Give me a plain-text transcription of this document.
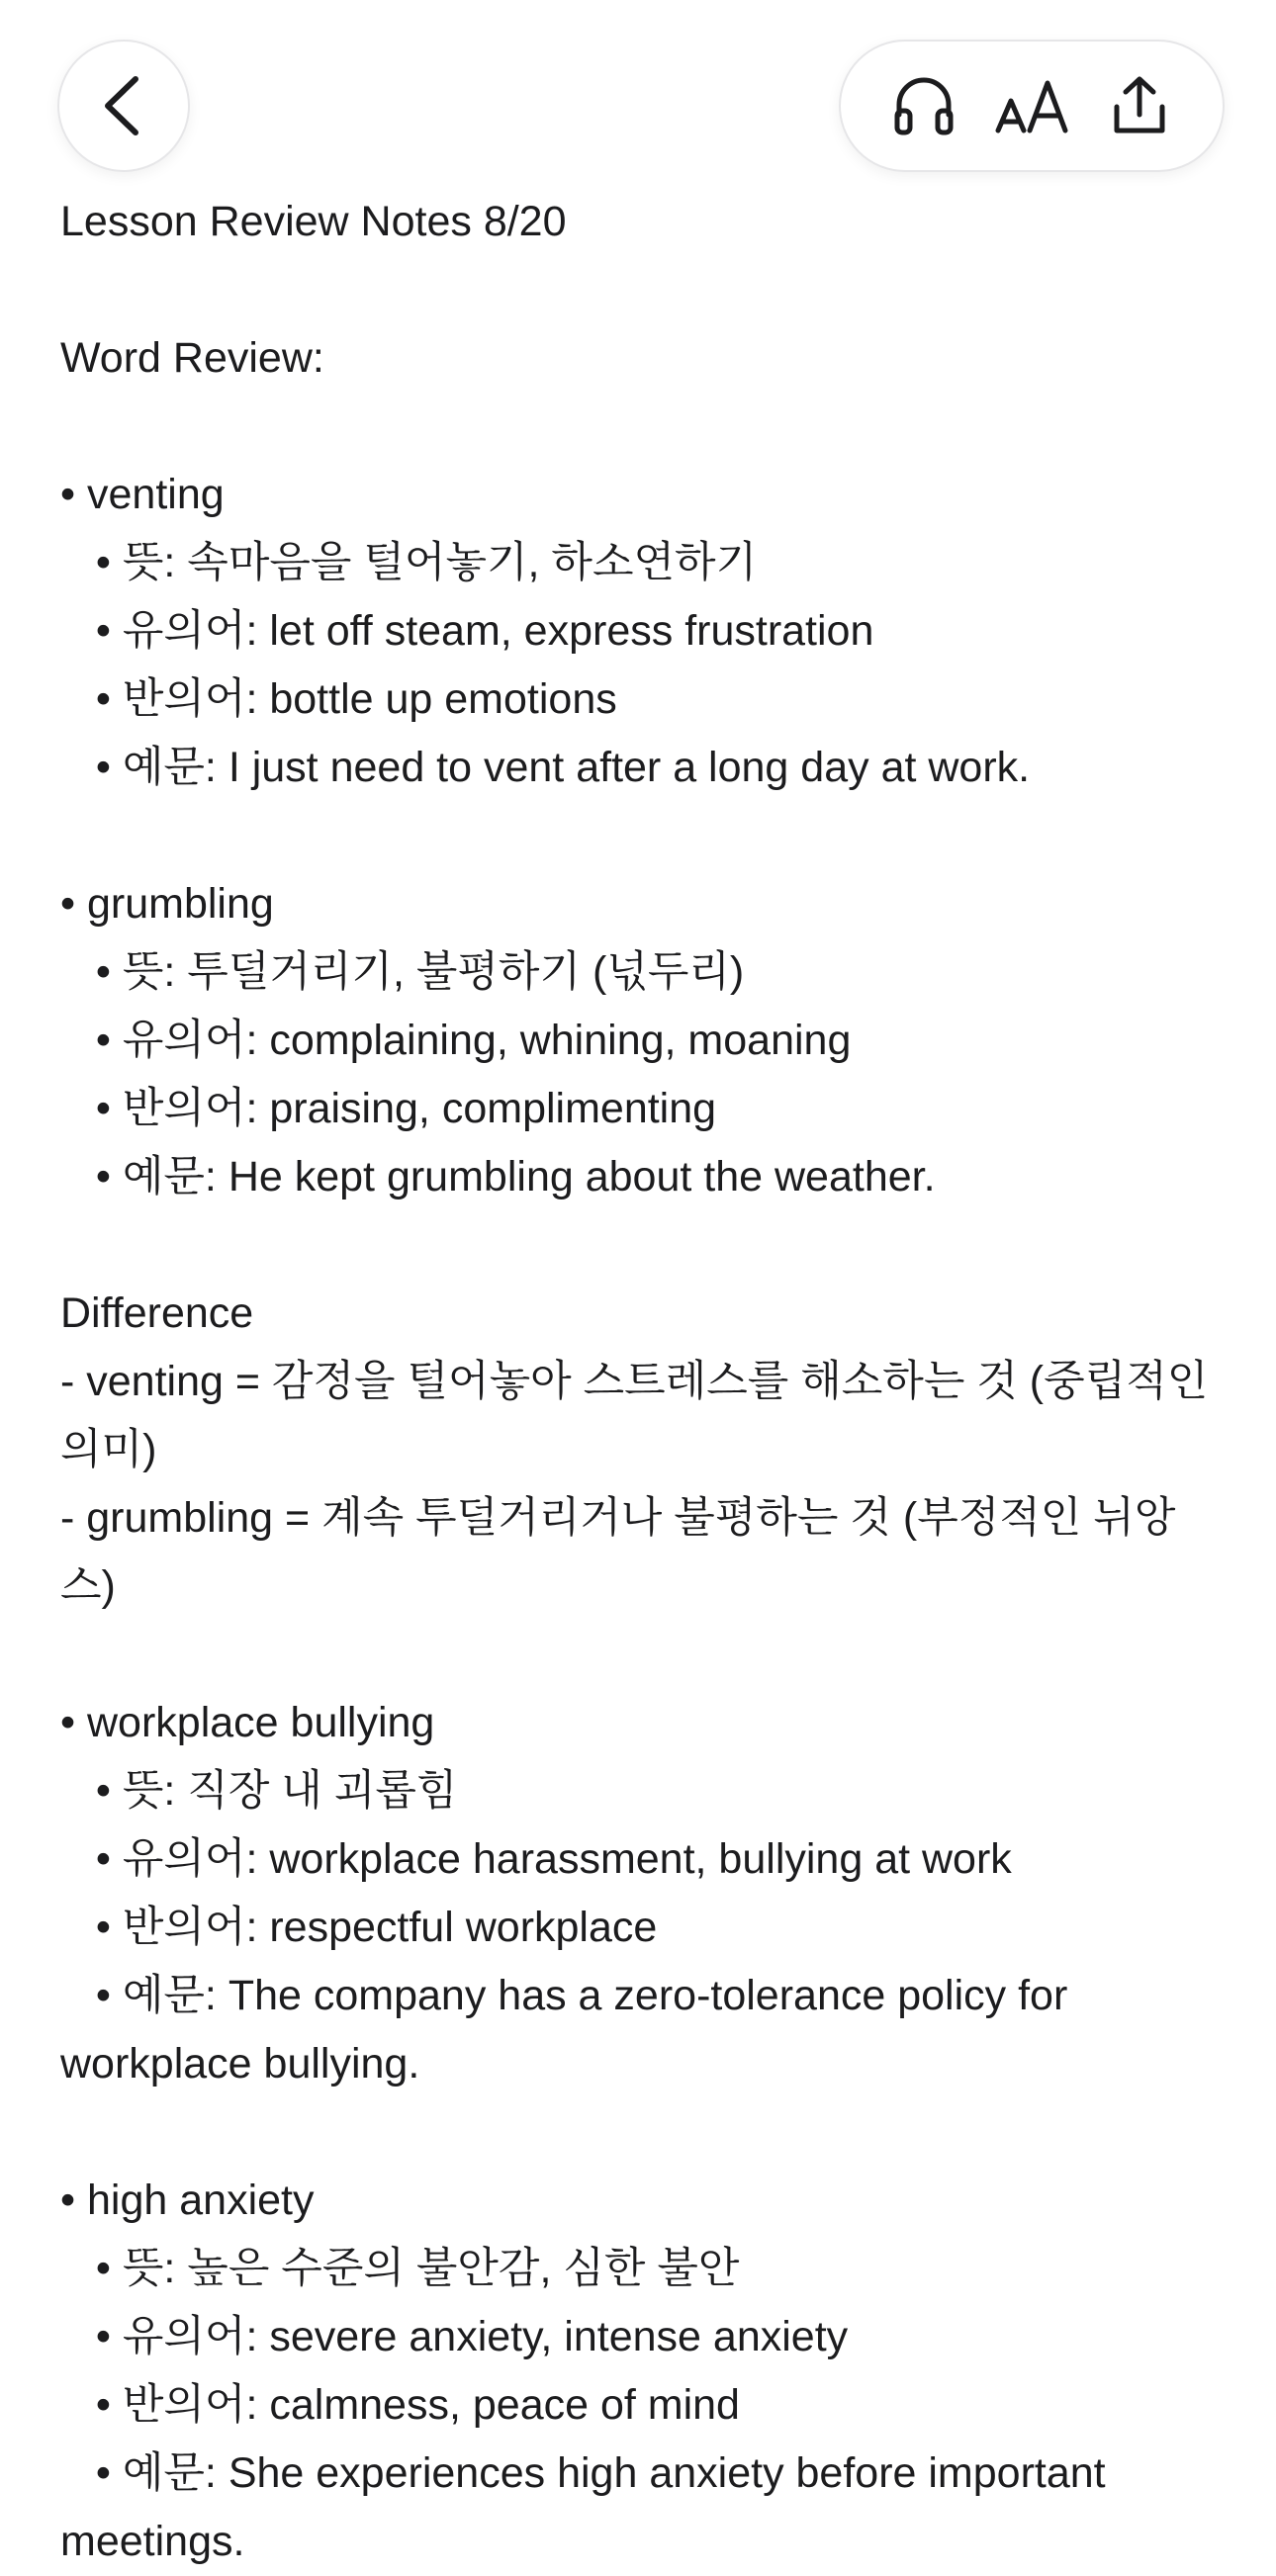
Lesson Review Notes 8/20
Word Review:
• venting
• 뜻: 속마음을 털어놓기, 하소연하기
• 유의어: let off steam, express frustration
• 반의어: bottle up emotions
• 예문: I just need to vent after a long day at work.
• grumbling
• 뜻: 투덜거리기, 불평하기 (넋두리)
• 유의어: complaining, whining, moaning
• 반의어: praising, complimenting
• 예문: He kept grumbling about the weather.
Difference
- venting = 감정을 털어놓아 스트레스를 해소하는 것 (중립적인
의미)
- grumbling = 계속 투덜거리거나 불평하는 것 (부정적인 뉘앙스)
• workplace bullying
• 뜻: 직장 내 괴롭힘
• 유의어: workplace harassment, bullying at work
• 반의어: respectful workplace
• 예문: The company has a zero-tolerance policy for
workplace bullying.
• high anxiety
• 뜻: 높은 수준의 불안감, 심한 불안
• 유의어: severe anxiety, intense anxiety
• 반의어: calmness, peace of mind
• 예문: She experiences high anxiety before important
meetings.
